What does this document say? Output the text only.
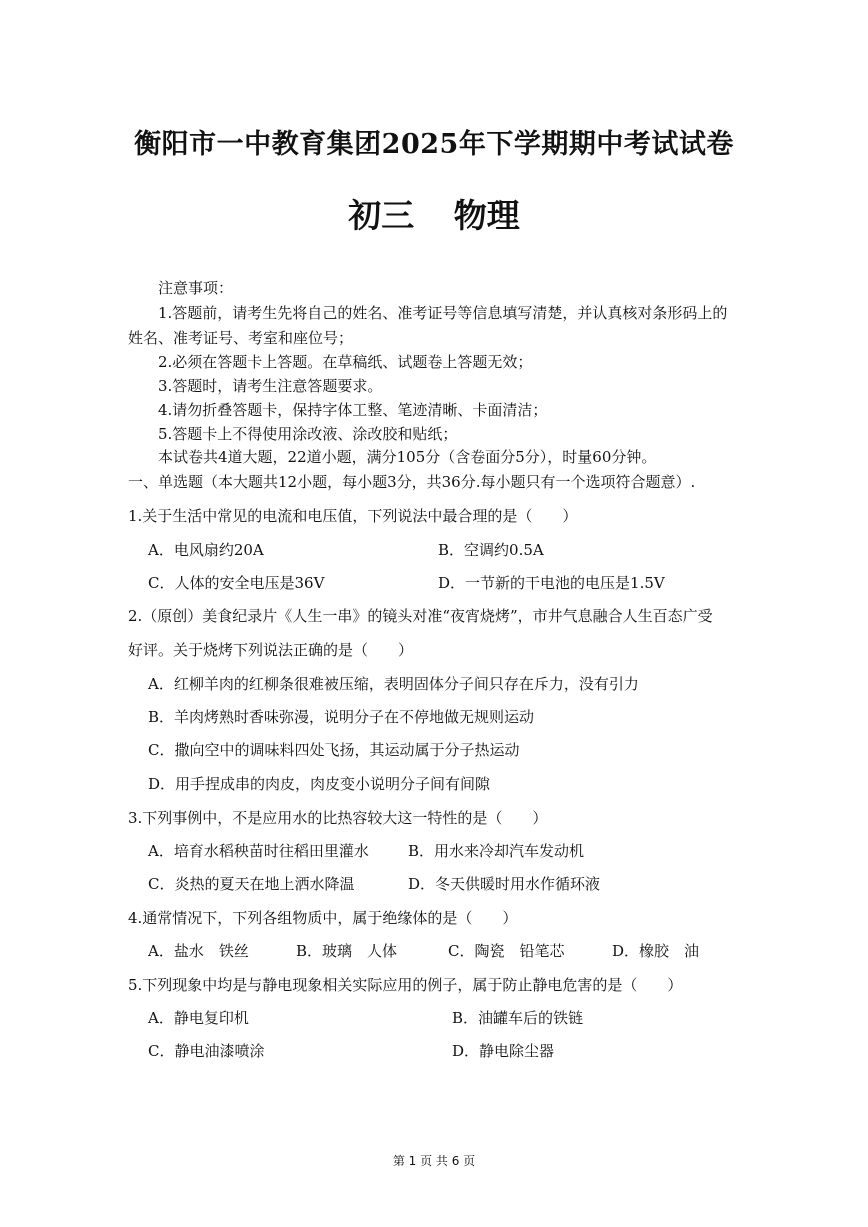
衡阳市一中教育集团2025年下学期期中考试试卷
初三 物理
注意事项：
1.答题前，请考生先将自己的姓名、准考证号等信息填写清楚，并认真核对条形码上的
姓名、准考证号、考室和座位号；
2.必须在答题卡上答题。在草稿纸、试题卷上答题无效；
3.答题时，请考生注意答题要求。
4.请勿折叠答题卡，保持字体工整、笔迹清晰、卡面清洁；
5.答题卡上不得使用涂改液、涂改胶和贴纸；
本试卷共4道大题，22道小题，满分105分（含卷面分5分），时量60分钟。
一、单选题（本大题共12小题，每小题3分，共36分.每小题只有一个选项符合题意）.
1.关于生活中常见的电流和电压值，下列说法中最合理的是（　　）
A．电风扇约20A	B．空调约0.5A
C．人体的安全电压是36V	D．一节新的干电池的电压是1.5V
2.（原创）美食纪录片《人生一串》的镜头对准“夜宵烧烤”，市井气息融合人生百态广受
好评。关于烧烤下列说法正确的是（　　）
A．红柳羊肉的红柳条很难被压缩，表明固体分子间只存在斥力，没有引力
B．羊肉烤熟时香味弥漫，说明分子在不停地做无规则运动
C．撒向空中的调味料四处飞扬，其运动属于分子热运动
D．用手捏成串的肉皮，肉皮变小说明分子间有间隙
3.下列事例中，不是应用水的比热容较大这一特性的是（　　）
A．培育水稻秧苗时往稻田里灌水	B．用水来冷却汽车发动机
C．炎热的夏天在地上洒水降温	D．冬天供暖时用水作循环液
4.通常情况下，下列各组物质中，属于绝缘体的是（　　）
A．盐水　铁丝	B．玻璃　人体	C．陶瓷　铅笔芯	D．橡胶　油
5.下列现象中均是与静电现象相关实际应用的例子，属于防止静电危害的是（　　）
A．静电复印机	B．油罐车后的铁链
C．静电油漆喷涂	D．静电除尘器
第 1 页 共 6 页
